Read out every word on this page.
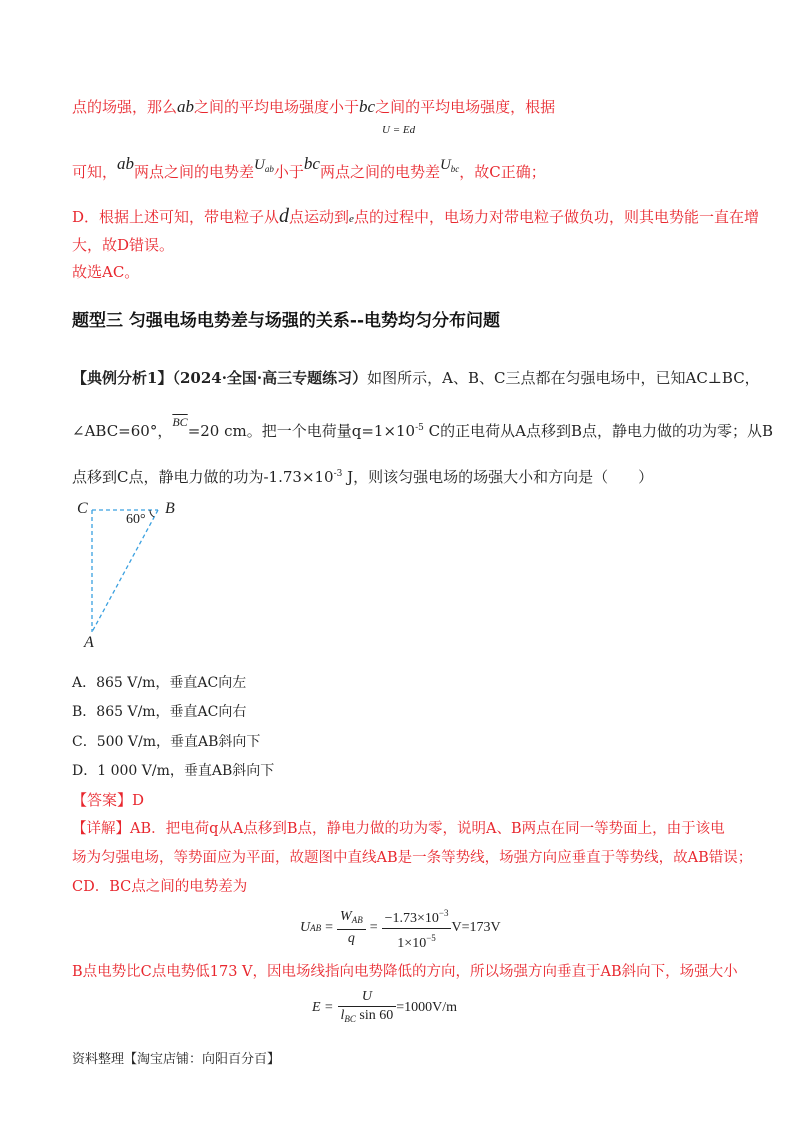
点的场强，那么ab之间的平均电场强度小于bc之间的平均电场强度，根据
U = Ed
可知，ab两点之间的电势差$U_{ab}$小于bc两点之间的电势差$U_{bc}$，故C正确；
D．根据上述可知，带电粒子从d点运动到e点的过程中，电场力对带电粒子做负功，则其电势能一直在增
大，故D错误。
故选AC。
题型三 匀强电场电势差与场强的关系--电势均匀分布问题
【典例分析1】（2024·全国·高三专题练习）如图所示，A、B、C三点都在匀强电场中，已知AC⊥BC，
∠ABC=60°，$^{\overline{BC}}$=20 cm。把一个电荷量$q=1\times 10^{-5}$ C的正电荷从A点移到B点，静电力做的功为零；从B
点移到C点，静电力做的功为$-1.73\times 10^{-3}$ J，则该匀强电场的场强大小和方向是（　　）
C	B
A
60°
A．865 V/m，垂直AC向左
B．865 V/m，垂直AC向右
C．500 V/m，垂直AB斜向下
D．1 000 V/m，垂直AB斜向下
【答案】D
【详解】AB．把电荷q从A点移到B点，静电力做的功为零，说明A、B两点在同一等势面上，由于该电
场为匀强电场，等势面应为平面，故题图中直线AB是一条等势线，场强方向应垂直于等势线，故AB错误；
CD．BC点之间的电势差为
U AB = $\frac{W_{AB}}{q} = \frac{-1.73\times 10^{-3}}{1\times 10^{-5}} V=173V$
B点电势比C点电势低173 V，因电场线指向电势降低的方向，所以场强方向垂直于AB斜向下，场强大小
$E = \frac{U}{l_{BC} \sin 60} =1000V/m$
资料整理【淘宝店铺：向阳百分百】
